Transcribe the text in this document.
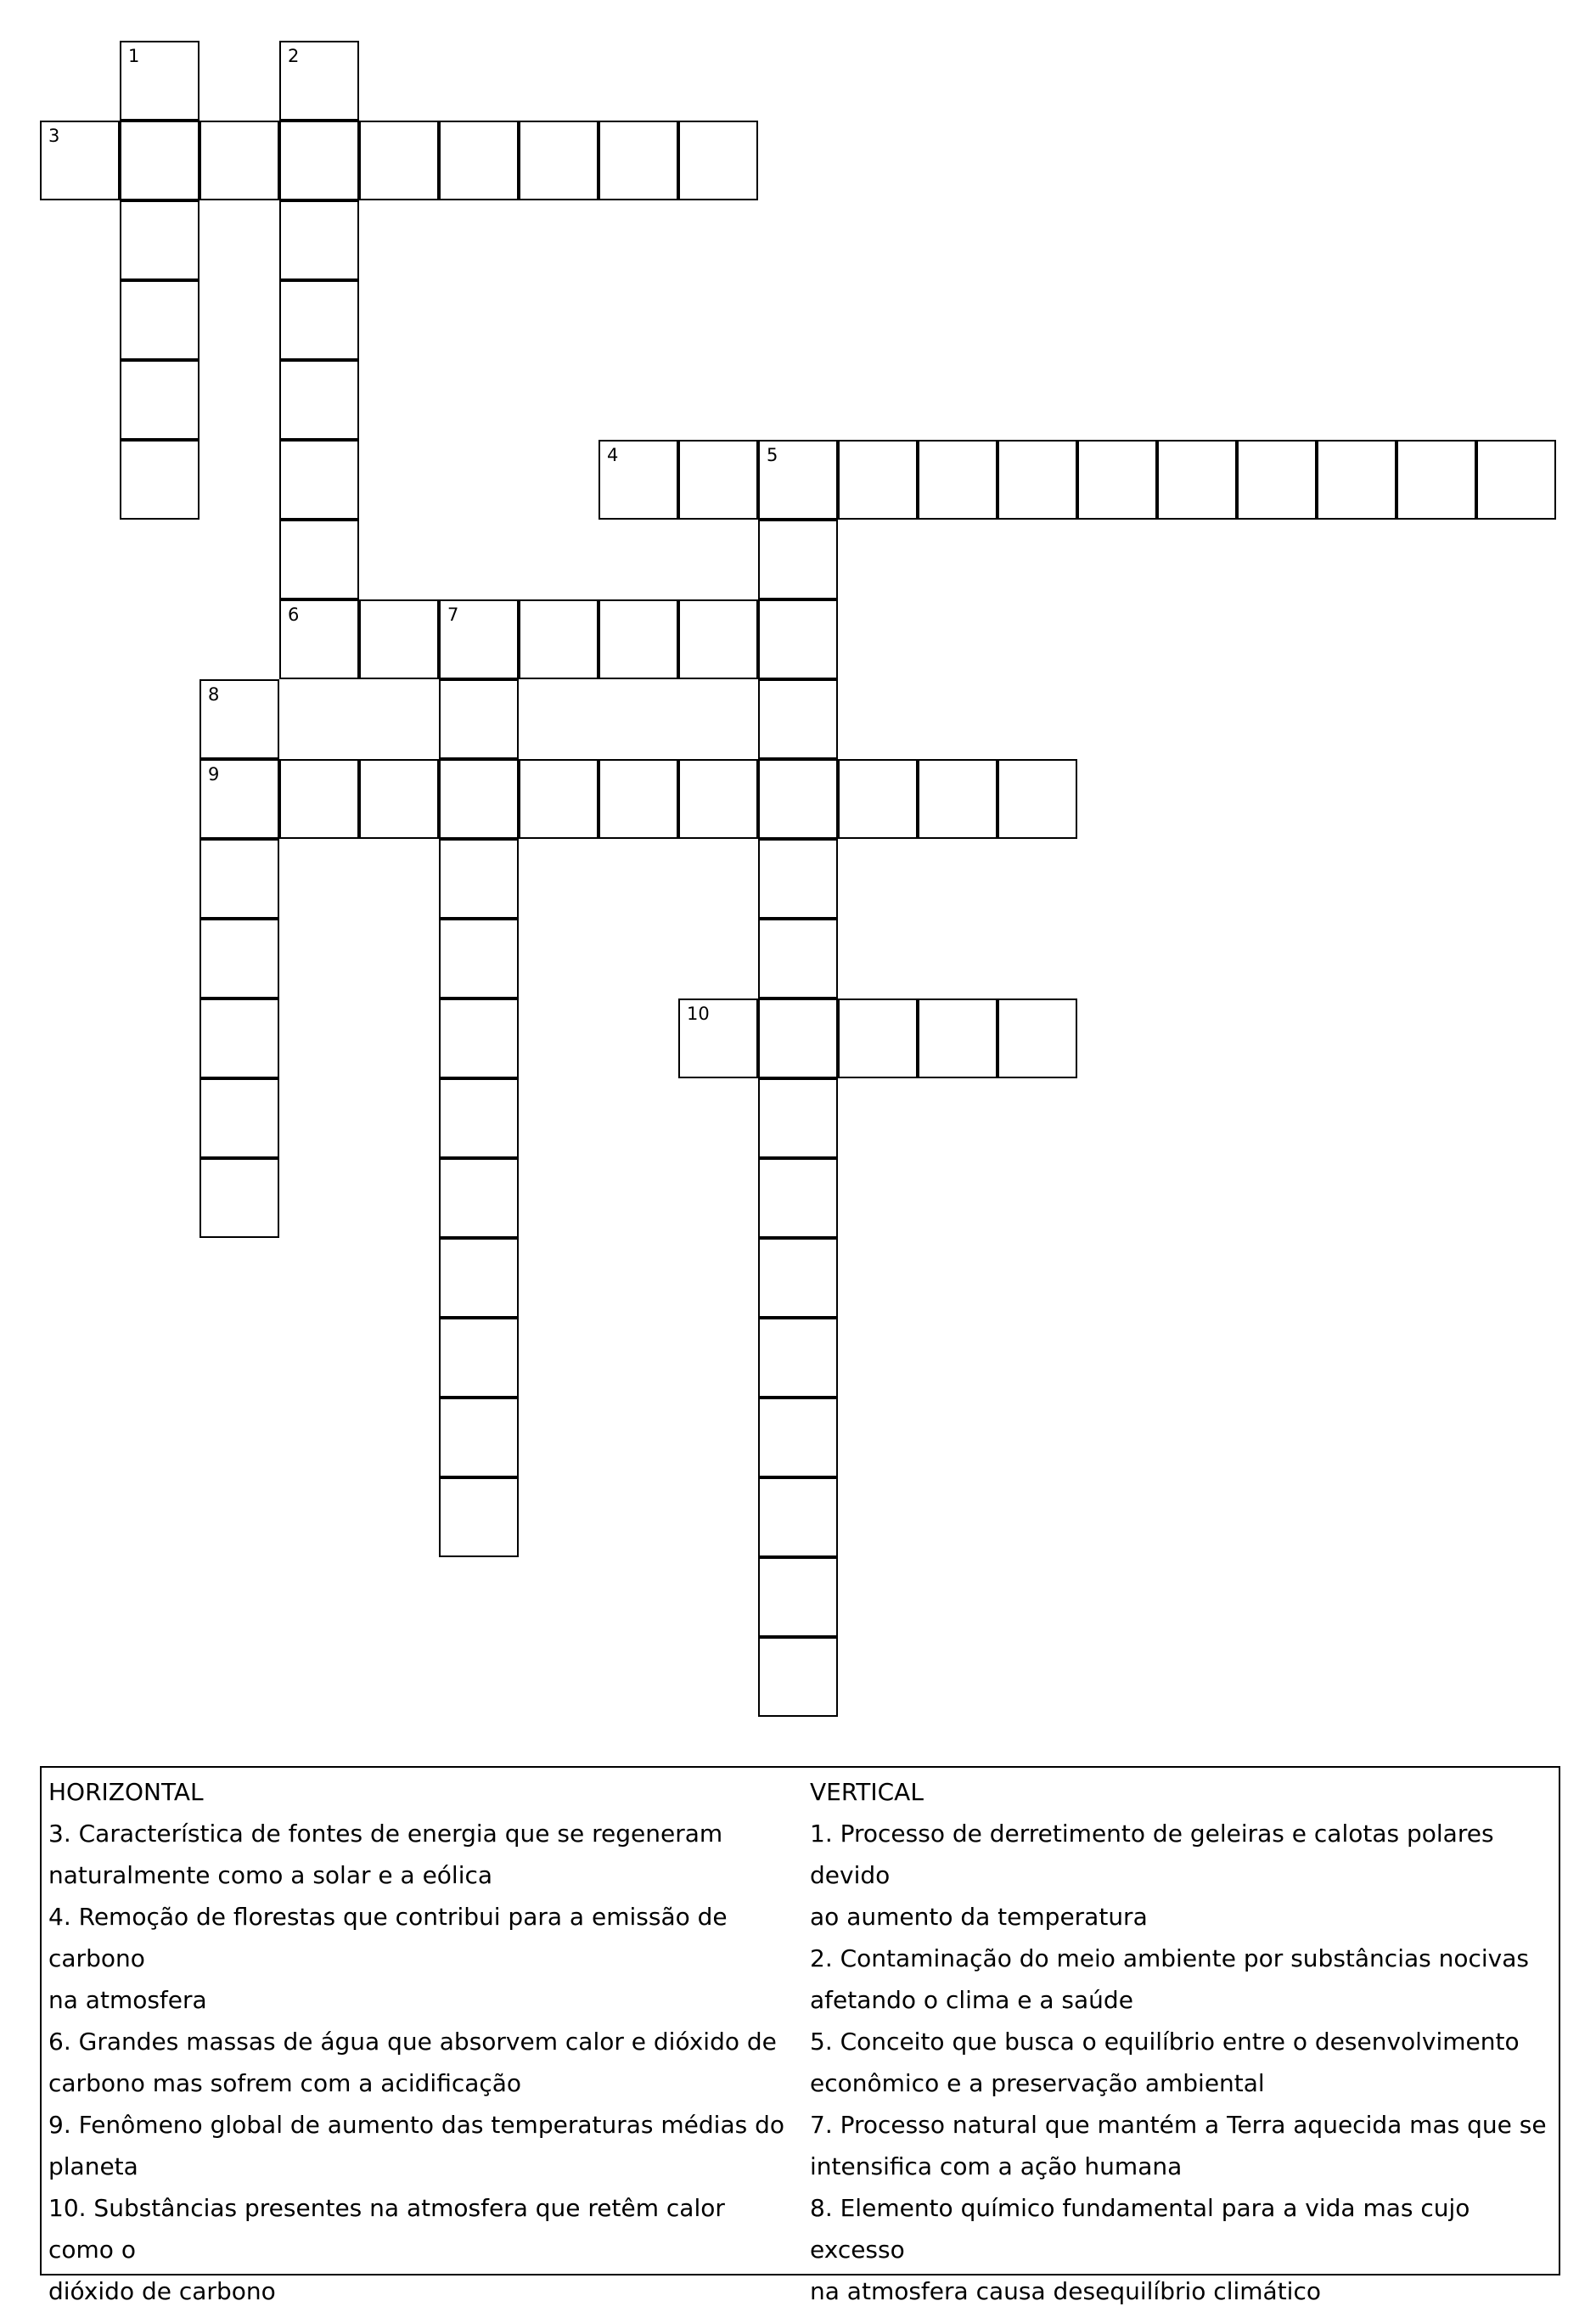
1	2
6
3
4	5
7
8
9
10
HORIZONTAL
3. Característica de fontes de energia que se regeneram
naturalmente como a solar e a eólica
4. Remoção de florestas que contribui para a emissão de carbono
na atmosfera
6. Grandes massas de água que absorvem calor e dióxido de
carbono mas sofrem com a acidificação
9. Fenômeno global de aumento das temperaturas médias do
planeta
10. Substâncias presentes na atmosfera que retêm calor como o
dióxido de carbono
VERTICAL
1. Processo de derretimento de geleiras e calotas polares devido
ao aumento da temperatura
2. Contaminação do meio ambiente por substâncias nocivas
afetando o clima e a saúde
5. Conceito que busca o equilíbrio entre o desenvolvimento
econômico e a preservação ambiental
7. Processo natural que mantém a Terra aquecida mas que se
intensifica com a ação humana
8. Elemento químico fundamental para a vida mas cujo excesso
na atmosfera causa desequilíbrio climático
